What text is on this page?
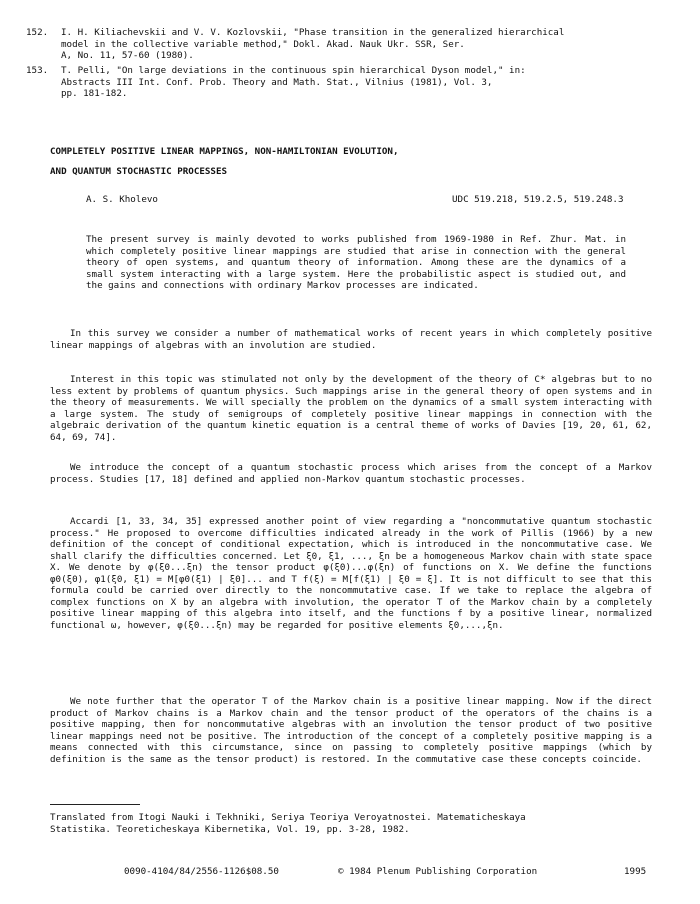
152. I. H. Kiliachevskii and V. V. Kozlovskii, "Phase transition in the generalized hierarchical
model in the collective variable method," Dokl. Akad. Nauk Ukr. SSR, Ser.
A, No. 11, 57-60 (1980).
153. T. Pelli, "On large deviations in the continuous spin hierarchical Dyson model," in:
Abstracts III Int. Conf. Prob. Theory and Math. Stat., Vilnius (1981), Vol. 3,
pp. 181-182.
COMPLETELY POSITIVE LINEAR MAPPINGS, NON-HAMILTONIAN EVOLUTION,
AND QUANTUM STOCHASTIC PROCESSES
A. S. Kholevo	UDC 519.218, 519.2.5, 519.248.3
The present survey is mainly devoted to works published from 1969-1980 in Ref. Zhur. Mat. in which completely positive linear mappings are studied that arise in connection with the general theory of open systems, and quantum theory of information. Among these are the dynamics of a small system interacting with a large system. Here the probabilistic aspect is studied out, and the gains and connections with ordinary Markov processes are indicated.
In this survey we consider a number of mathematical works of recent years in which completely positive linear mappings of algebras with an involution are studied.
Interest in this topic was stimulated not only by the development of the theory of C* algebras but to no less extent by problems of quantum physics. Such mappings arise in the general theory of open systems and in the theory of measurements. We will specially the problem on the dynamics of a small system interacting with a large system. The study of semigroups of completely positive linear mappings in connection with the algebraic derivation of the quantum kinetic equation is a central theme of works of Davies [19, 20, 61, 62, 64, 69, 74].
We introduce the concept of a quantum stochastic process which arises from the concept of a Markov process. Studies [17, 18] defined and applied non-Markov quantum stochastic processes.
Accardi [1, 33, 34, 35] expressed another point of view regarding a "noncommutative quantum stochastic process." He proposed to overcome difficulties indicated already in the work of Pillis (1966) by a new definition of the concept of conditional expectation, which is introduced in the noncommutative case. We shall clarify the difficulties concerned. Let ξ0, ξ1, ..., ξn be a homogeneous Markov chain with state space X. We denote by φ(ξ0...ξn) the tensor product φ(ξ0)...φ(ξn) of functions on X. We define the functions φ0(ξ0), φ1(ξ0, ξ1) = M[φ0(ξ1) | ξ0]... and T f(ξ) = M[f(ξ1) | ξ0 = ξ]. It is not difficult to see that this formula could be carried over directly to the noncommutative case. If we take to replace the algebra of complex functions on X by an algebra with involution, the operator T of the Markov chain by a completely positive linear mapping of this algebra into itself, and the functions f by a positive linear, normalized functional ω, however, φ(ξ0...ξn) may be regarded for positive elements ξ0,...,ξn.
We note further that the operator T of the Markov chain is a positive linear mapping. Now if the direct product of Markov chains is a Markov chain and the tensor product of the operators of the chains is a positive mapping, then for noncommutative algebras with an involution the tensor product of two positive linear mappings need not be positive. The introduction of the concept of a completely positive mapping is a means connected with this circumstance, since on passing to completely positive mappings (which by definition is the same as the tensor product) is restored. In the commutative case these concepts coincide.
Translated from Itogi Nauki i Tekhniki, Seriya Teoriya Veroyatnostei. Matematicheskaya
Statistika. Teoreticheskaya Kibernetika, Vol. 19, pp. 3-28, 1982.
0090-4104/84/2556-1126$08.50	© 1984 Plenum Publishing Corporation	1995
